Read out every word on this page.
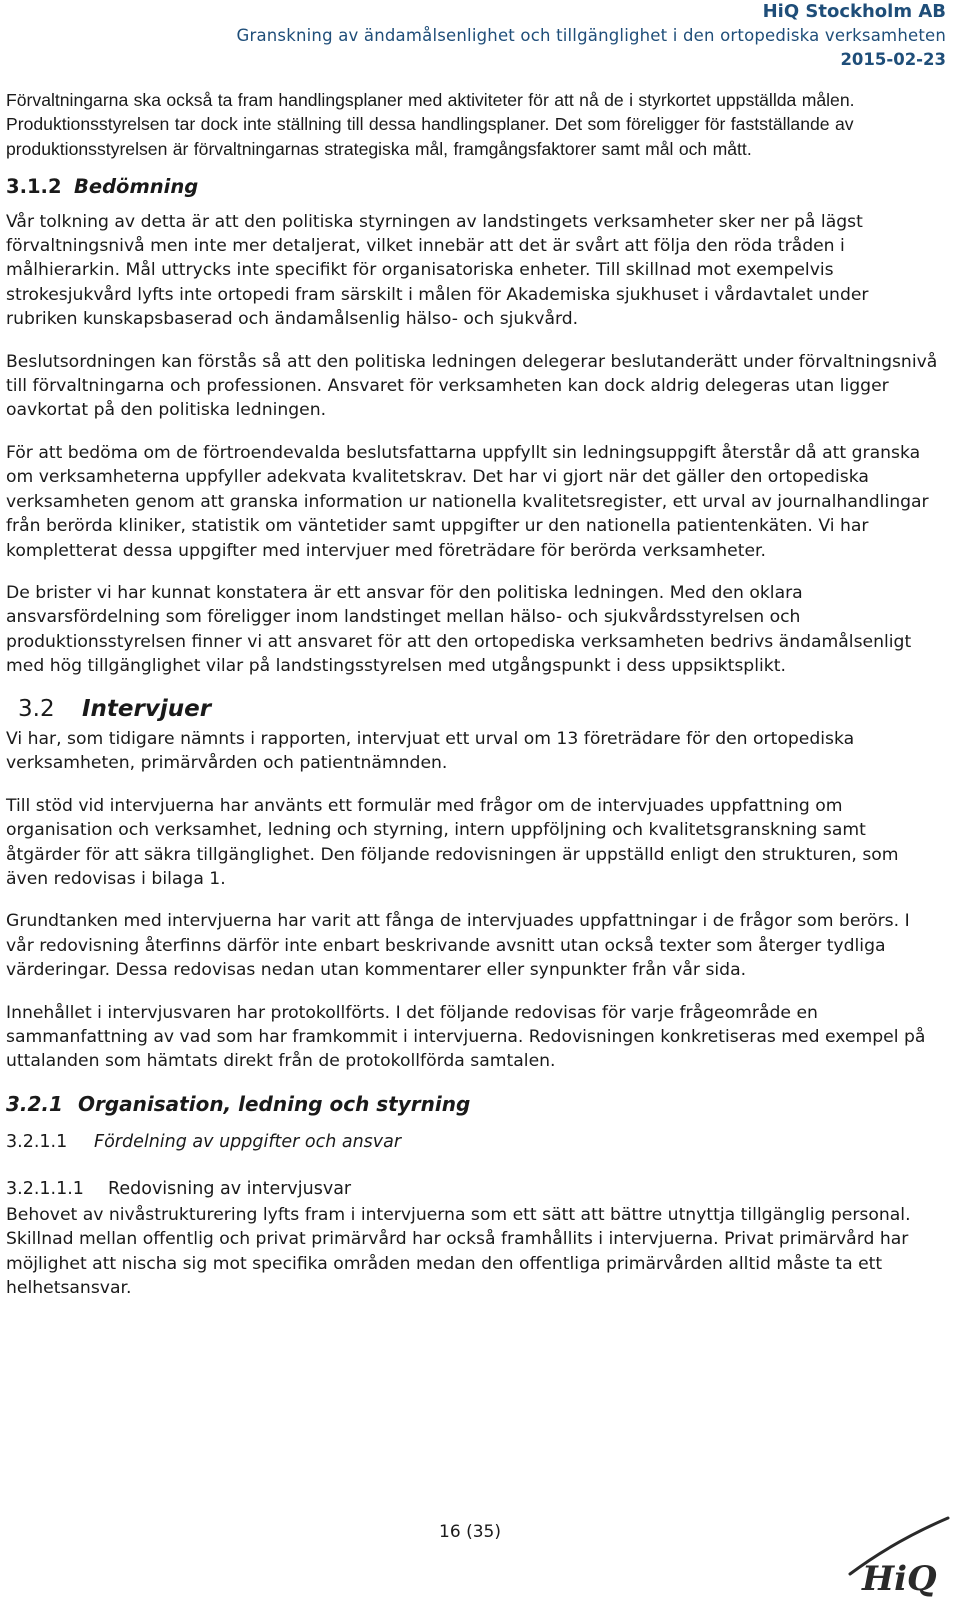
HiQ Stockholm AB
Granskning av ändamålsenlighet och tillgänglighet i den ortopediska verksamheten
2015-02-23

Förvaltningarna ska också ta fram handlingsplaner med aktiviteter för att nå de i styrkortet uppställda målen. Produktionsstyrelsen tar dock inte ställning till dessa handlingsplaner. Det som föreligger för fastställande av produktionsstyrelsen är förvaltningarnas strategiska mål, framgångsfaktorer samt mål och mått.

3.1.2 Bedömning

Vår tolkning av detta är att den politiska styrningen av landstingets verksamheter sker ner på lägst förvaltningsnivå men inte mer detaljerat, vilket innebär att det är svårt att följa den röda tråden i målhierarkin. Mål uttrycks inte specifikt för organisatoriska enheter. Till skillnad mot exempelvis strokesjukvård lyfts inte ortopedi fram särskilt i målen för Akademiska sjukhuset i vårdavtalet under rubriken kunskapsbaserad och ändamålsenlig hälso- och sjukvård.

Beslutsordningen kan förstås så att den politiska ledningen delegerar beslutanderätt under förvaltningsnivå till förvaltningarna och professionen. Ansvaret för verksamheten kan dock aldrig delegeras utan ligger oavkortat på den politiska ledningen.

För att bedöma om de förtroendevalda beslutsfattarna uppfyllt sin ledningsuppgift återstår då att granska om verksamheterna uppfyller adekvata kvalitetskrav. Det har vi gjort när det gäller den ortopediska verksamheten genom att granska information ur nationella kvalitetsregister, ett urval av journalhandlingar från berörda kliniker, statistik om väntetider samt uppgifter ur den nationella patientenkäten. Vi har kompletterat dessa uppgifter med intervjuer med företrädare för berörda verksamheter.

De brister vi har kunnat konstatera är ett ansvar för den politiska ledningen. Med den oklara ansvarsfördelning som föreligger inom landstinget mellan hälso- och sjukvårdsstyrelsen och produktionsstyrelsen finner vi att ansvaret för att den ortopediska verksamheten bedrivs ändamålsenligt med hög tillgänglighet vilar på landstingsstyrelsen med utgångspunkt i dess uppsiktsplikt.

3.2 Intervjuer

Vi har, som tidigare nämnts i rapporten, intervjuat ett urval om 13 företrädare för den ortopediska verksamheten, primärvården och patientnämnden.

Till stöd vid intervjuerna har använts ett formulär med frågor om de intervjuades uppfattning om organisation och verksamhet, ledning och styrning, intern uppföljning och kvalitetsgranskning samt åtgärder för att säkra tillgänglighet. Den följande redovisningen är uppställd enligt den strukturen, som även redovisas i bilaga 1.

Grundtanken med intervjuerna har varit att fånga de intervjuades uppfattningar i de frågor som berörs. I vår redovisning återfinns därför inte enbart beskrivande avsnitt utan också texter som återger tydliga värderingar. Dessa redovisas nedan utan kommentarer eller synpunkter från vår sida.

Innehållet i intervjusvaren har protokollförts. I det följande redovisas för varje frågeområde en sammanfattning av vad som har framkommit i intervjuerna. Redovisningen konkretiseras med exempel på uttalanden som hämtats direkt från de protokollförda samtalen.

3.2.1 Organisation, ledning och styrning
3.2.1.1 Fördelning av uppgifter och ansvar
3.2.1.1.1 Redovisning av intervjusvar

Behovet av nivåstrukturering lyfts fram i intervjuerna som ett sätt att bättre utnyttja tillgänglig personal. Skillnad mellan offentlig och privat primärvård har också framhållits i intervjuerna. Privat primärvård har möjlighet att nischa sig mot specifika områden medan den offentliga primärvården alltid måste ta ett helhetsansvar.

16 (35)
HiQ
